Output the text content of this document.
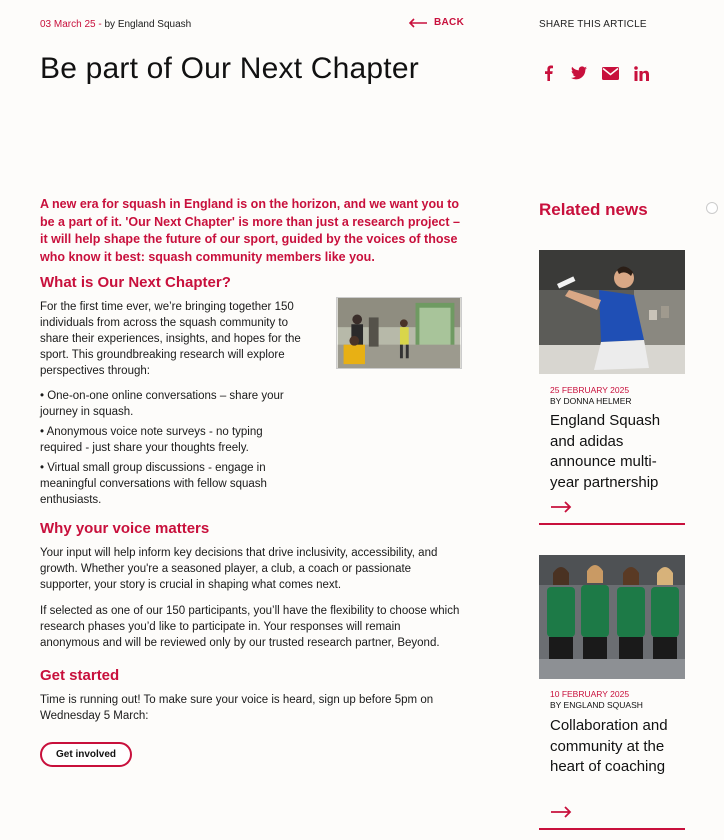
03 March 25 - by England Squash	BACK	SHARE THIS ARTICLE
Be part of Our Next Chapter

A new era for squash in England is on the horizon, and we want you to be a part of it. 'Our Next Chapter' is more than just a research project – it will help shape the future of our sport, guided by the voices of those who know it best: squash community members like you.

What is Our Next Chapter?

For the first time ever, we’re bringing together 150 individuals from across the squash community to share their experiences, insights, and hopes for the sport. This groundbreaking research will explore perspectives through:

• One-on-one online conversations – share your journey in squash.
• Anonymous voice note surveys - no typing required - just share your thoughts freely.
• Virtual small group discussions - engage in meaningful conversations with fellow squash enthusiasts.
Why your voice matters

Your input will help inform key decisions that drive inclusivity, accessibility, and growth. Whether you're a seasoned player, a club, a coach or passionate supporter, your story is crucial in shaping what comes next.

If selected as one of our 150 participants, you’ll have the flexibility to choose which research phases you’d like to participate in. Your responses will remain anonymous and will be reviewed only by our trusted research partner, Beyond.

Get started

Time is running out! To make sure your voice is heard, sign up before 5pm on Wednesday 5 March:

Get involved
Related news
25 FEBRUARY 2025
BY DONNA HELMER
England Squash and adidas announce multi-year partnership
10 FEBRUARY 2025
BY ENGLAND SQUASH
Collaboration and community at the heart of coaching
